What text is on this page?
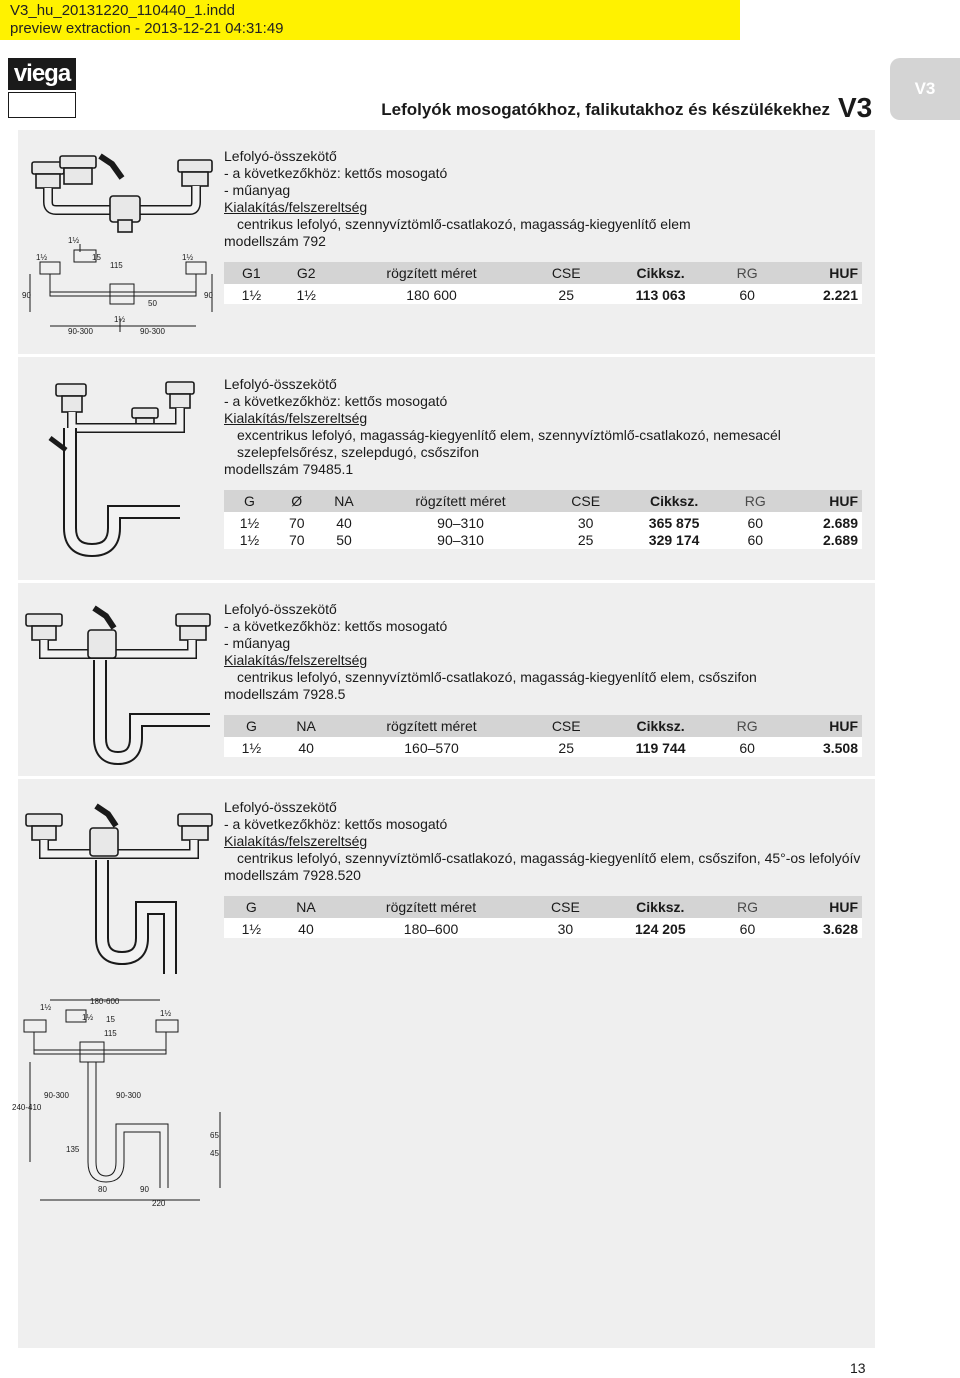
V3_hu_20131220_110440_1.indd
preview extraction - 2013-12-21 04:31:49
viega
Lefolyók mosogatókhoz, falikutakhoz és készülékekhez V3
V3
1½
15
115
1½	1½
90	90
50
1½
90-300	90-300
1½
180-600
1½ 15
115
1½
90-300	90-300
240-410
65
135	45
80	90
220
Lefolyó-összekötő
- a következőkhöz: kettős mosogató
- műanyag
Kialakítás/felszereltség
centrikus lefolyó, szennyvíztömlő-csatlakozó, magasság-kiegyenlítő elem
modellszám 792
G1	G2	rögzített méret	CSE	Cikksz.	RG	HUF
1½	1½	180 600	25	113 063	60	2.221
Lefolyó-összekötő
- a következőkhöz: kettős mosogató
Kialakítás/felszereltség
excentrikus lefolyó, magasság-kiegyenlítő elem, szennyvíztömlő-csatlakozó, nemesacél szelepfelsőrész, szelepdugó, csőszifon
modellszám 79485.1
G	Ø	NA	rögzített méret	CSE	Cikksz.	RG	HUF
1½	70	40	90–310	30	365 875	60	2.689
1½	70	50	90–310	25	329 174	60	2.689
Lefolyó-összekötő
- a következőkhöz: kettős mosogató
- műanyag
Kialakítás/felszereltség
centrikus lefolyó, szennyvíztömlő-csatlakozó, magasság-kiegyenlítő elem, csőszifon
modellszám 7928.5
G	NA	rögzített méret	CSE	Cikksz.	RG	HUF
1½	40	160–570	25	119 744	60	3.508
Lefolyó-összekötő
- a következőkhöz: kettős mosogató
Kialakítás/felszereltség
centrikus lefolyó, szennyvíztömlő-csatlakozó, magasság-kiegyenlítő elem, csőszifon, 45°-os lefolyóív
modellszám 7928.520
G	NA	rögzített méret	CSE	Cikksz.	RG	HUF
1½	40	180–600	30	124 205	60	3.628
13
